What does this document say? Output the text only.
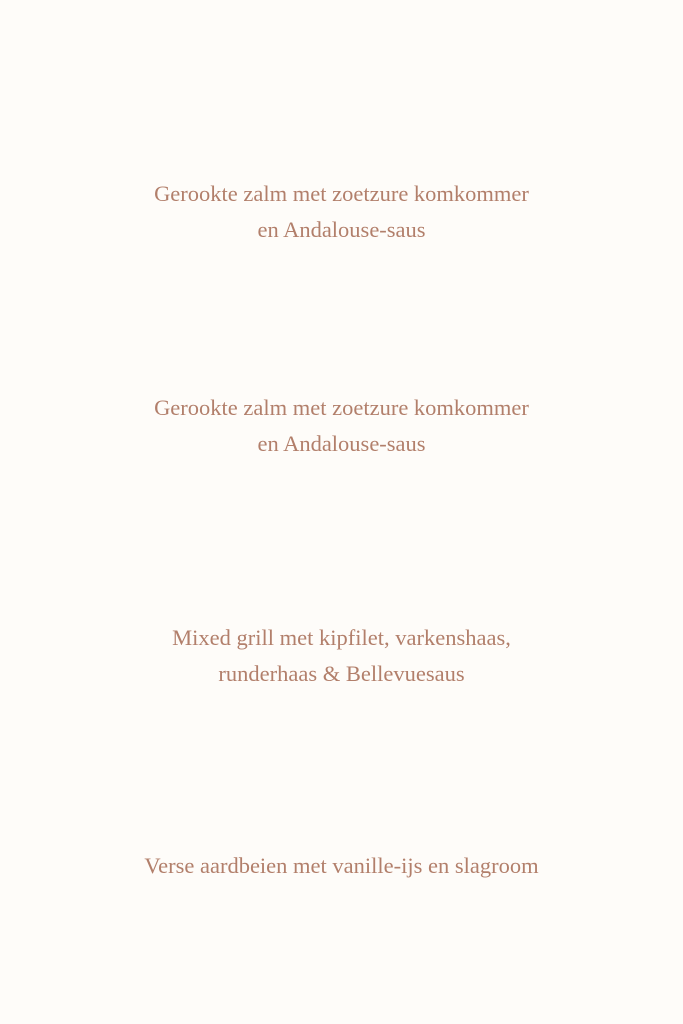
Gerookte zalm met zoetzure komkommer
en Andalouse-saus
Gerookte zalm met zoetzure komkommer
en Andalouse-saus
Mixed grill met kipfilet, varkenshaas,
runderhaas & Bellevuesaus
Verse aardbeien met vanille-ijs en slagroom
